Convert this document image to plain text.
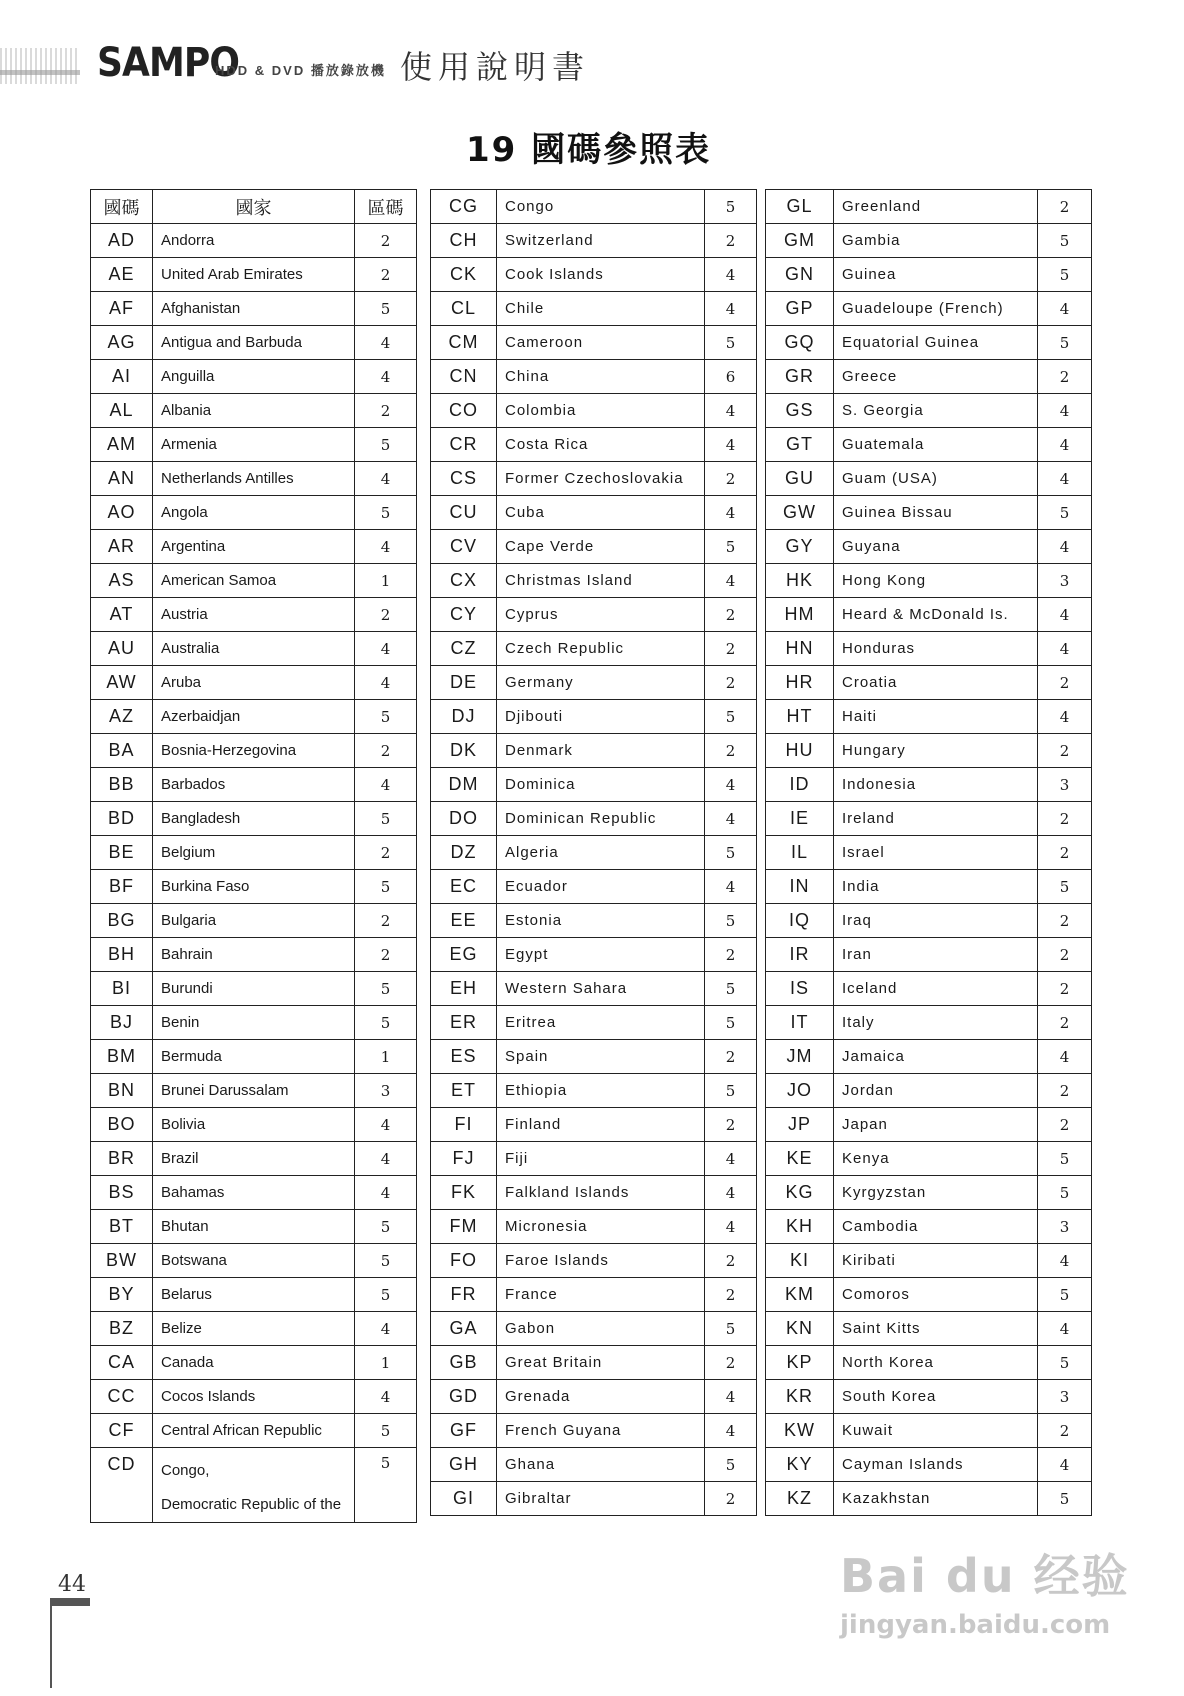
SAMPO
HDD & DVD 播放錄放機 使用說明書
19 國碼參照表
國碼	國家	區碼
AD	Andorra	2
AE	United Arab Emirates	2
AF	Afghanistan	5
AG	Antigua and Barbuda	4
AI	Anguilla	4
AL	Albania	2
AM	Armenia	5
AN	Netherlands Antilles	4
AO	Angola	5
AR	Argentina	4
AS	American Samoa	1
AT	Austria	2
AU	Australia	4
AW	Aruba	4
AZ	Azerbaidjan	5
BA	Bosnia-Herzegovina	2
BB	Barbados	4
BD	Bangladesh	5
BE	Belgium	2
BF	Burkina Faso	5
BG	Bulgaria	2
BH	Bahrain	2
BI	Burundi	5
BJ	Benin	5
BM	Bermuda	1
BN	Brunei Darussalam	3
BO	Bolivia	4
BR	Brazil	4
BS	Bahamas	4
BT	Bhutan	5
BW	Botswana	5
BY	Belarus	5
BZ	Belize	4
CA	Canada	1
CC	Cocos Islands	4
CF	Central African Republic	5
CD	Congo,
Democratic Republic of the	5
CG	Congo	5
CH	Switzerland	2
CK	Cook Islands	4
CL	Chile	4
CM	Cameroon	5
CN	China	6
CO	Colombia	4
CR	Costa Rica	4
CS	Former Czechoslovakia	2
CU	Cuba	4
CV	Cape Verde	5
CX	Christmas Island	4
CY	Cyprus	2
CZ	Czech Republic	2
DE	Germany	2
DJ	Djibouti	5
DK	Denmark	2
DM	Dominica	4
DO	Dominican Republic	4
DZ	Algeria	5
EC	Ecuador	4
EE	Estonia	5
EG	Egypt	2
EH	Western Sahara	5
ER	Eritrea	5
ES	Spain	2
ET	Ethiopia	5
FI	Finland	2
FJ	Fiji	4
FK	Falkland Islands	4
FM	Micronesia	4
FO	Faroe Islands	2
FR	France	2
GA	Gabon	5
GB	Great Britain	2
GD	Grenada	4
GF	French Guyana	4
GH	Ghana	5
GI	Gibraltar	2
GL	Greenland	2
GM	Gambia	5
GN	Guinea	5
GP	Guadeloupe (French)	4
GQ	Equatorial Guinea	5
GR	Greece	2
GS	S. Georgia	4
GT	Guatemala	4
GU	Guam (USA)	4
GW	Guinea Bissau	5
GY	Guyana	4
HK	Hong Kong	3
HM	Heard & McDonald Is.	4
HN	Honduras	4
HR	Croatia	2
HT	Haiti	4
HU	Hungary	2
ID	Indonesia	3
IE	Ireland	2
IL	Israel	2
IN	India	5
IQ	Iraq	2
IR	Iran	2
IS	Iceland	2
IT	Italy	2
JM	Jamaica	4
JO	Jordan	2
JP	Japan	2
KE	Kenya	5
KG	Kyrgyzstan	5
KH	Cambodia	3
KI	Kiribati	4
KM	Comoros	5
KN	Saint Kitts	4
KP	North Korea	5
KR	South Korea	3
KW	Kuwait	2
KY	Cayman Islands	4
KZ	Kazakhstan	5
44	Bai du 经验
jingyan.baidu.com
